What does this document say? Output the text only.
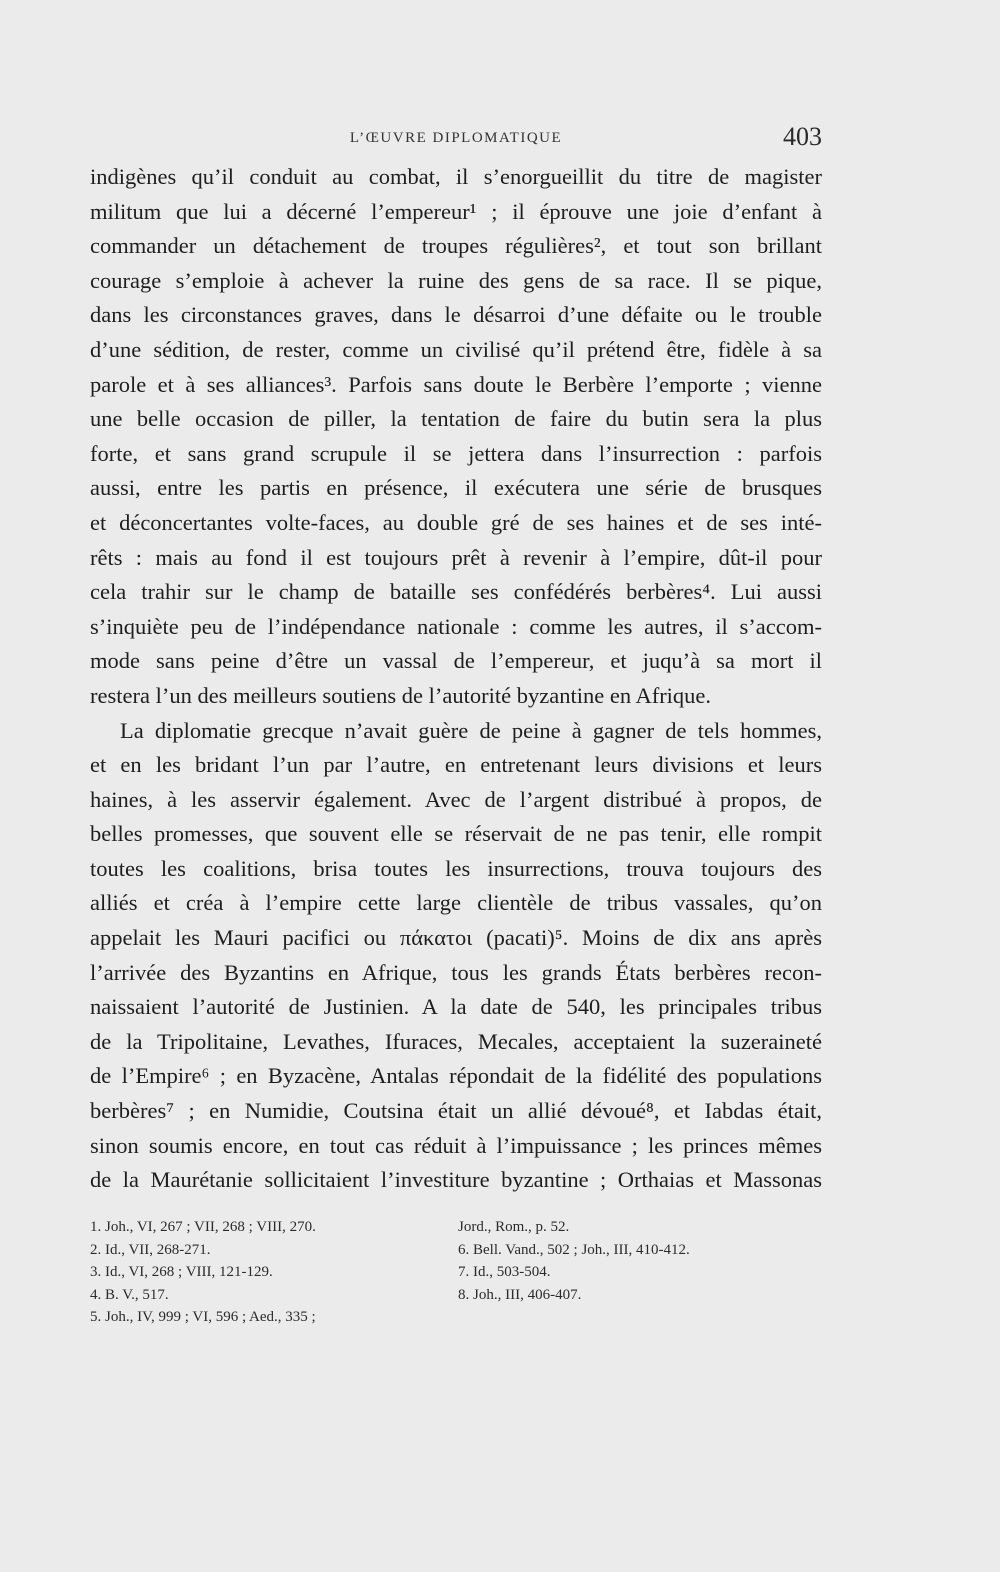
L’ŒUVRE DIPLOMATIQUE	403
indigènes qu’il conduit au combat, il s’enorgueillit du titre de magister
militum que lui a décerné l’empereur¹ ; il éprouve une joie d’enfant à
commander un détachement de troupes régulières², et tout son brillant
courage s’emploie à achever la ruine des gens de sa race. Il se pique,
dans les circonstances graves, dans le désarroi d’une défaite ou le trouble
d’une sédition, de rester, comme un civilisé qu’il prétend être, fidèle à sa
parole et à ses alliances³. Parfois sans doute le Berbère l’emporte ; vienne
une belle occasion de piller, la tentation de faire du butin sera la plus
forte, et sans grand scrupule il se jettera dans l’insurrection : parfois
aussi, entre les partis en présence, il exécutera une série de brusques
et déconcertantes volte-faces, au double gré de ses haines et de ses inté-
rêts : mais au fond il est toujours prêt à revenir à l’empire, dût-il pour
cela trahir sur le champ de bataille ses confédérés berbères⁴. Lui aussi
s’inquiète peu de l’indépendance nationale : comme les autres, il s’accom-
mode sans peine d’être un vassal de l’empereur, et juqu’à sa mort il
restera l’un des meilleurs soutiens de l’autorité byzantine en Afrique.
La diplomatie grecque n’avait guère de peine à gagner de tels hommes,
et en les bridant l’un par l’autre, en entretenant leurs divisions et leurs
haines, à les asservir également. Avec de l’argent distribué à propos, de
belles promesses, que souvent elle se réservait de ne pas tenir, elle rompit
toutes les coalitions, brisa toutes les insurrections, trouva toujours des
alliés et créa à l’empire cette large clientèle de tribus vassales, qu’on
appelait les Mauri pacifici ou πάκατοι (pacati)⁵. Moins de dix ans après
l’arrivée des Byzantins en Afrique, tous les grands États berbères recon-
naissaient l’autorité de Justinien. A la date de 540, les principales tribus
de la Tripolitaine, Levathes, Ifuraces, Mecales, acceptaient la suzeraineté
de l’Empire⁶ ; en Byzacène, Antalas répondait de la fidélité des populations
berbères⁷ ; en Numidie, Coutsina était un allié dévoué⁸, et Iabdas était,
sinon soumis encore, en tout cas réduit à l’impuissance ; les princes mêmes
de la Maurétanie sollicitaient l’investiture byzantine ; Orthaias et Massonas
1. Joh., VI, 267 ; VII, 268 ; VIII, 270.
2. Id., VII, 268-271.
3. Id., VI, 268 ; VIII, 121-129.
4. B. V., 517.
5. Joh., IV, 999 ; VI, 596 ; Aed., 335 ;
Jord., Rom., p. 52.
6. Bell. Vand., 502 ; Joh., III, 410-412.
7. Id., 503-504.
8. Joh., III, 406-407.
